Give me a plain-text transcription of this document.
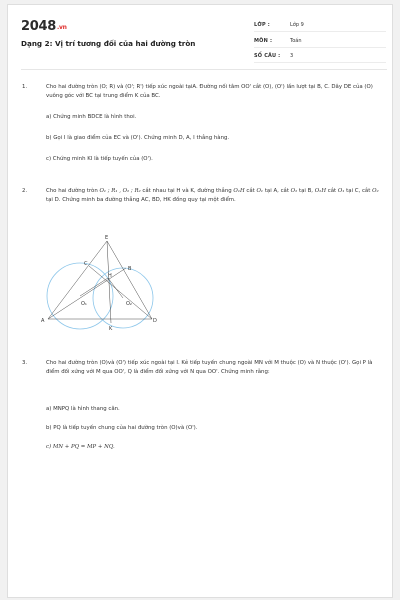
2048.vn
Dạng 2: Vị trí tương đối của hai đường tròn
LỚP :	Lớp 9
MÔN :	Toán
SỐ CÂU : 3
1.	Cho hai đường tròn (O; R) và (O'; R') tiếp xúc ngoài tạiA. Đường nối tâm OO' cắt (O), (O') lần lượt tại B, C. Dây DE của (O) vuông góc với BC tại trung điểm K của BC.
a) Chứng minh BDCE là hình thoi.
b) Gọi I là giao điểm của EC và (O'). Chứng minh D, A, I thẳng hàng.
c) Chứng minh KI là tiếp tuyến của (O').
2.	Cho hai đường tròn O₁ ; R₁ , O₂ ; R₂ cắt nhau tại H và K, đường thẳng O₁H cắt O₁ tại A, cắt O₂ tại B, O₂H cắt O₁ tại C, cắt O₂ tại D. Chứng minh ba đường thẳng AC, BD, HK đồng quy tại một điểm.
E
C
B
H
O₁	O₂
A
K
D
3.	Cho hai đường tròn (O)và (O') tiếp xúc ngoài tại I. Kẻ tiếp tuyến chung ngoài MN với M thuộc (O) và N thuộc (O'). Gọi P là điểm đối xứng với M qua OO', Q là điểm đối xứng với N qua OO'. Chứng minh rằng:
a) MNPQ là hình thang cân.
b) PQ là tiếp tuyến chung của hai đường tròn (O)và (O').
c) MN + PQ = MP + NQ.
